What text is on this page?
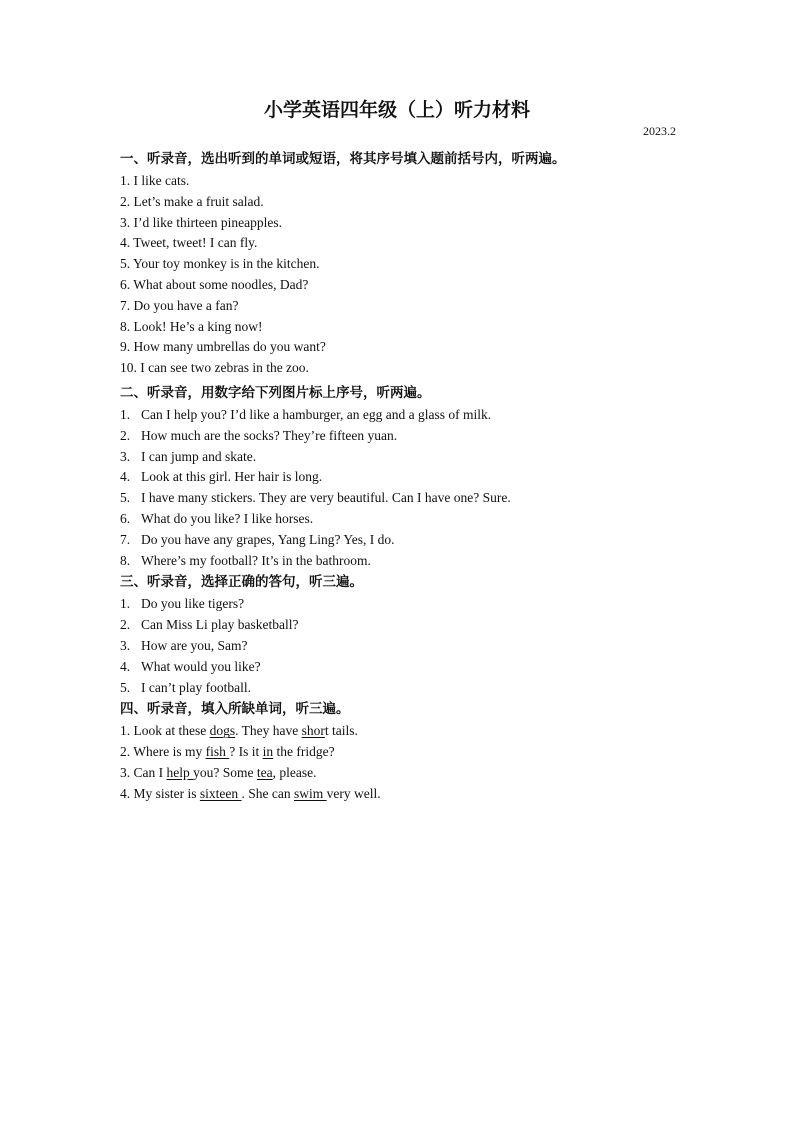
小学英语四年级（上）听力材料
2023.2
一、听录音，选出听到的单词或短语，将其序号填入题前括号内，听两遍。
1. I like cats.
2. Let’s make a fruit salad.
3. I’d like thirteen pineapples.
4. Tweet, tweet! I can fly.
5. Your toy monkey is in the kitchen.
6. What about some noodles, Dad?
7. Do you have a fan?
8. Look! He’s a king now!
9. How many umbrellas do you want?
10. I can see two zebras in the zoo.
二、听录音，用数字给下列图片标上序号，听两遍。
1. Can I help you? I’d like a hamburger, an egg and a glass of milk.
2. How much are the socks? They’re fifteen yuan.
3. I can jump and skate.
4. Look at this girl. Her hair is long.
5. I have many stickers. They are very beautiful. Can I have one? Sure.
6. What do you like? I like horses.
7. Do you have any grapes, Yang Ling? Yes, I do.
8. Where’s my football? It’s in the bathroom.
三、听录音，选择正确的答句，听三遍。
1. Do you like tigers?
2. Can Miss Li play basketball?
3. How are you, Sam?
4. What would you like?
5. I can’t play football.
四、听录音，填入所缺单词，听三遍。
1. Look at these dogs. They have short tails.
2. Where is my fish ? Is it in the fridge?
3. Can I help you? Some tea, please.
4. My sister is sixteen . She can swim very well.
